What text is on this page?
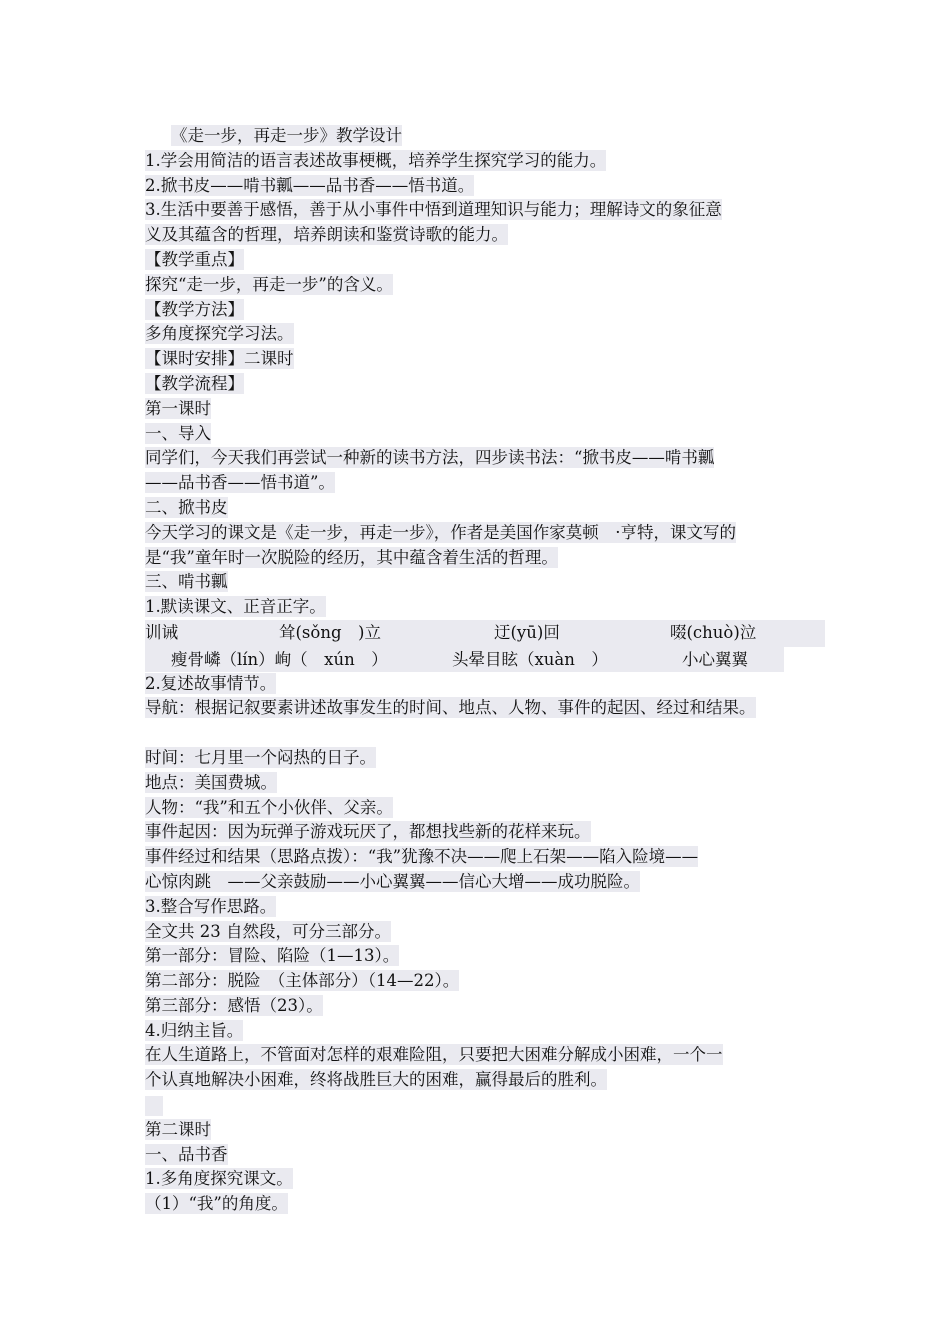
《走一步，再走一步》教学设计
1.学会用简洁的语言表述故事梗概，培养学生探究学习的能力。
2.掀书皮——啃书瓤——品书香——悟书道。
3.生活中要善于感悟，善于从小事件中悟到道理知识与能力；理解诗文的象征意
义及其蕴含的哲理，培养朗读和鉴赏诗歌的能力。
【教学重点】
探究“走一步，再走一步”的含义。
【教学方法】
多角度探究学习法。
【课时安排】二课时
【教学流程】
第一课时
一、导入
同学们，今天我们再尝试一种新的读书方法，四步读书法：“掀书皮——啃书瓤
——品书香——悟书道”。
二、掀书皮
今天学习的课文是《走一步，再走一步》，作者是美国作家莫顿　·亨特，课文写的
是“我”童年时一次脱险的经历，其中蕴含着生活的哲理。
三、啃书瓤
1.默读课文、正音正字。
训诫	耸(sǒng　)立	迂(yū)回	啜(chuò)泣
瘦骨嶙（lín）峋（　xún　）	头晕目眩（xuàn　）	小心翼翼
2.复述故事情节。
导航：根据记叙要素讲述故事发生的时间、地点、人物、事件的起因、经过和结果。
时间：七月里一个闷热的日子。
地点：美国费城。
人物：“我”和五个小伙伴、父亲。
事件起因：因为玩弹子游戏玩厌了，都想找些新的花样来玩。
事件经过和结果（思路点拨）：“我”犹豫不决——爬上石架——陷入险境——
心惊肉跳　——父亲鼓励——小心翼翼——信心大增——成功脱险。
3.整合写作思路。
全文共 23 自然段，可分三部分。
第一部分：冒险、陷险（1—13）。
第二部分：脱险　（主体部分）（14—22）。
第三部分：感悟（23）。
4.归纳主旨。
在人生道路上，不管面对怎样的艰难险阻，只要把大困难分解成小困难，一个一
个认真地解决小困难，终将战胜巨大的困难，赢得最后的胜利。
第二课时
一、品书香
1.多角度探究课文。
（1）“我”的角度。
